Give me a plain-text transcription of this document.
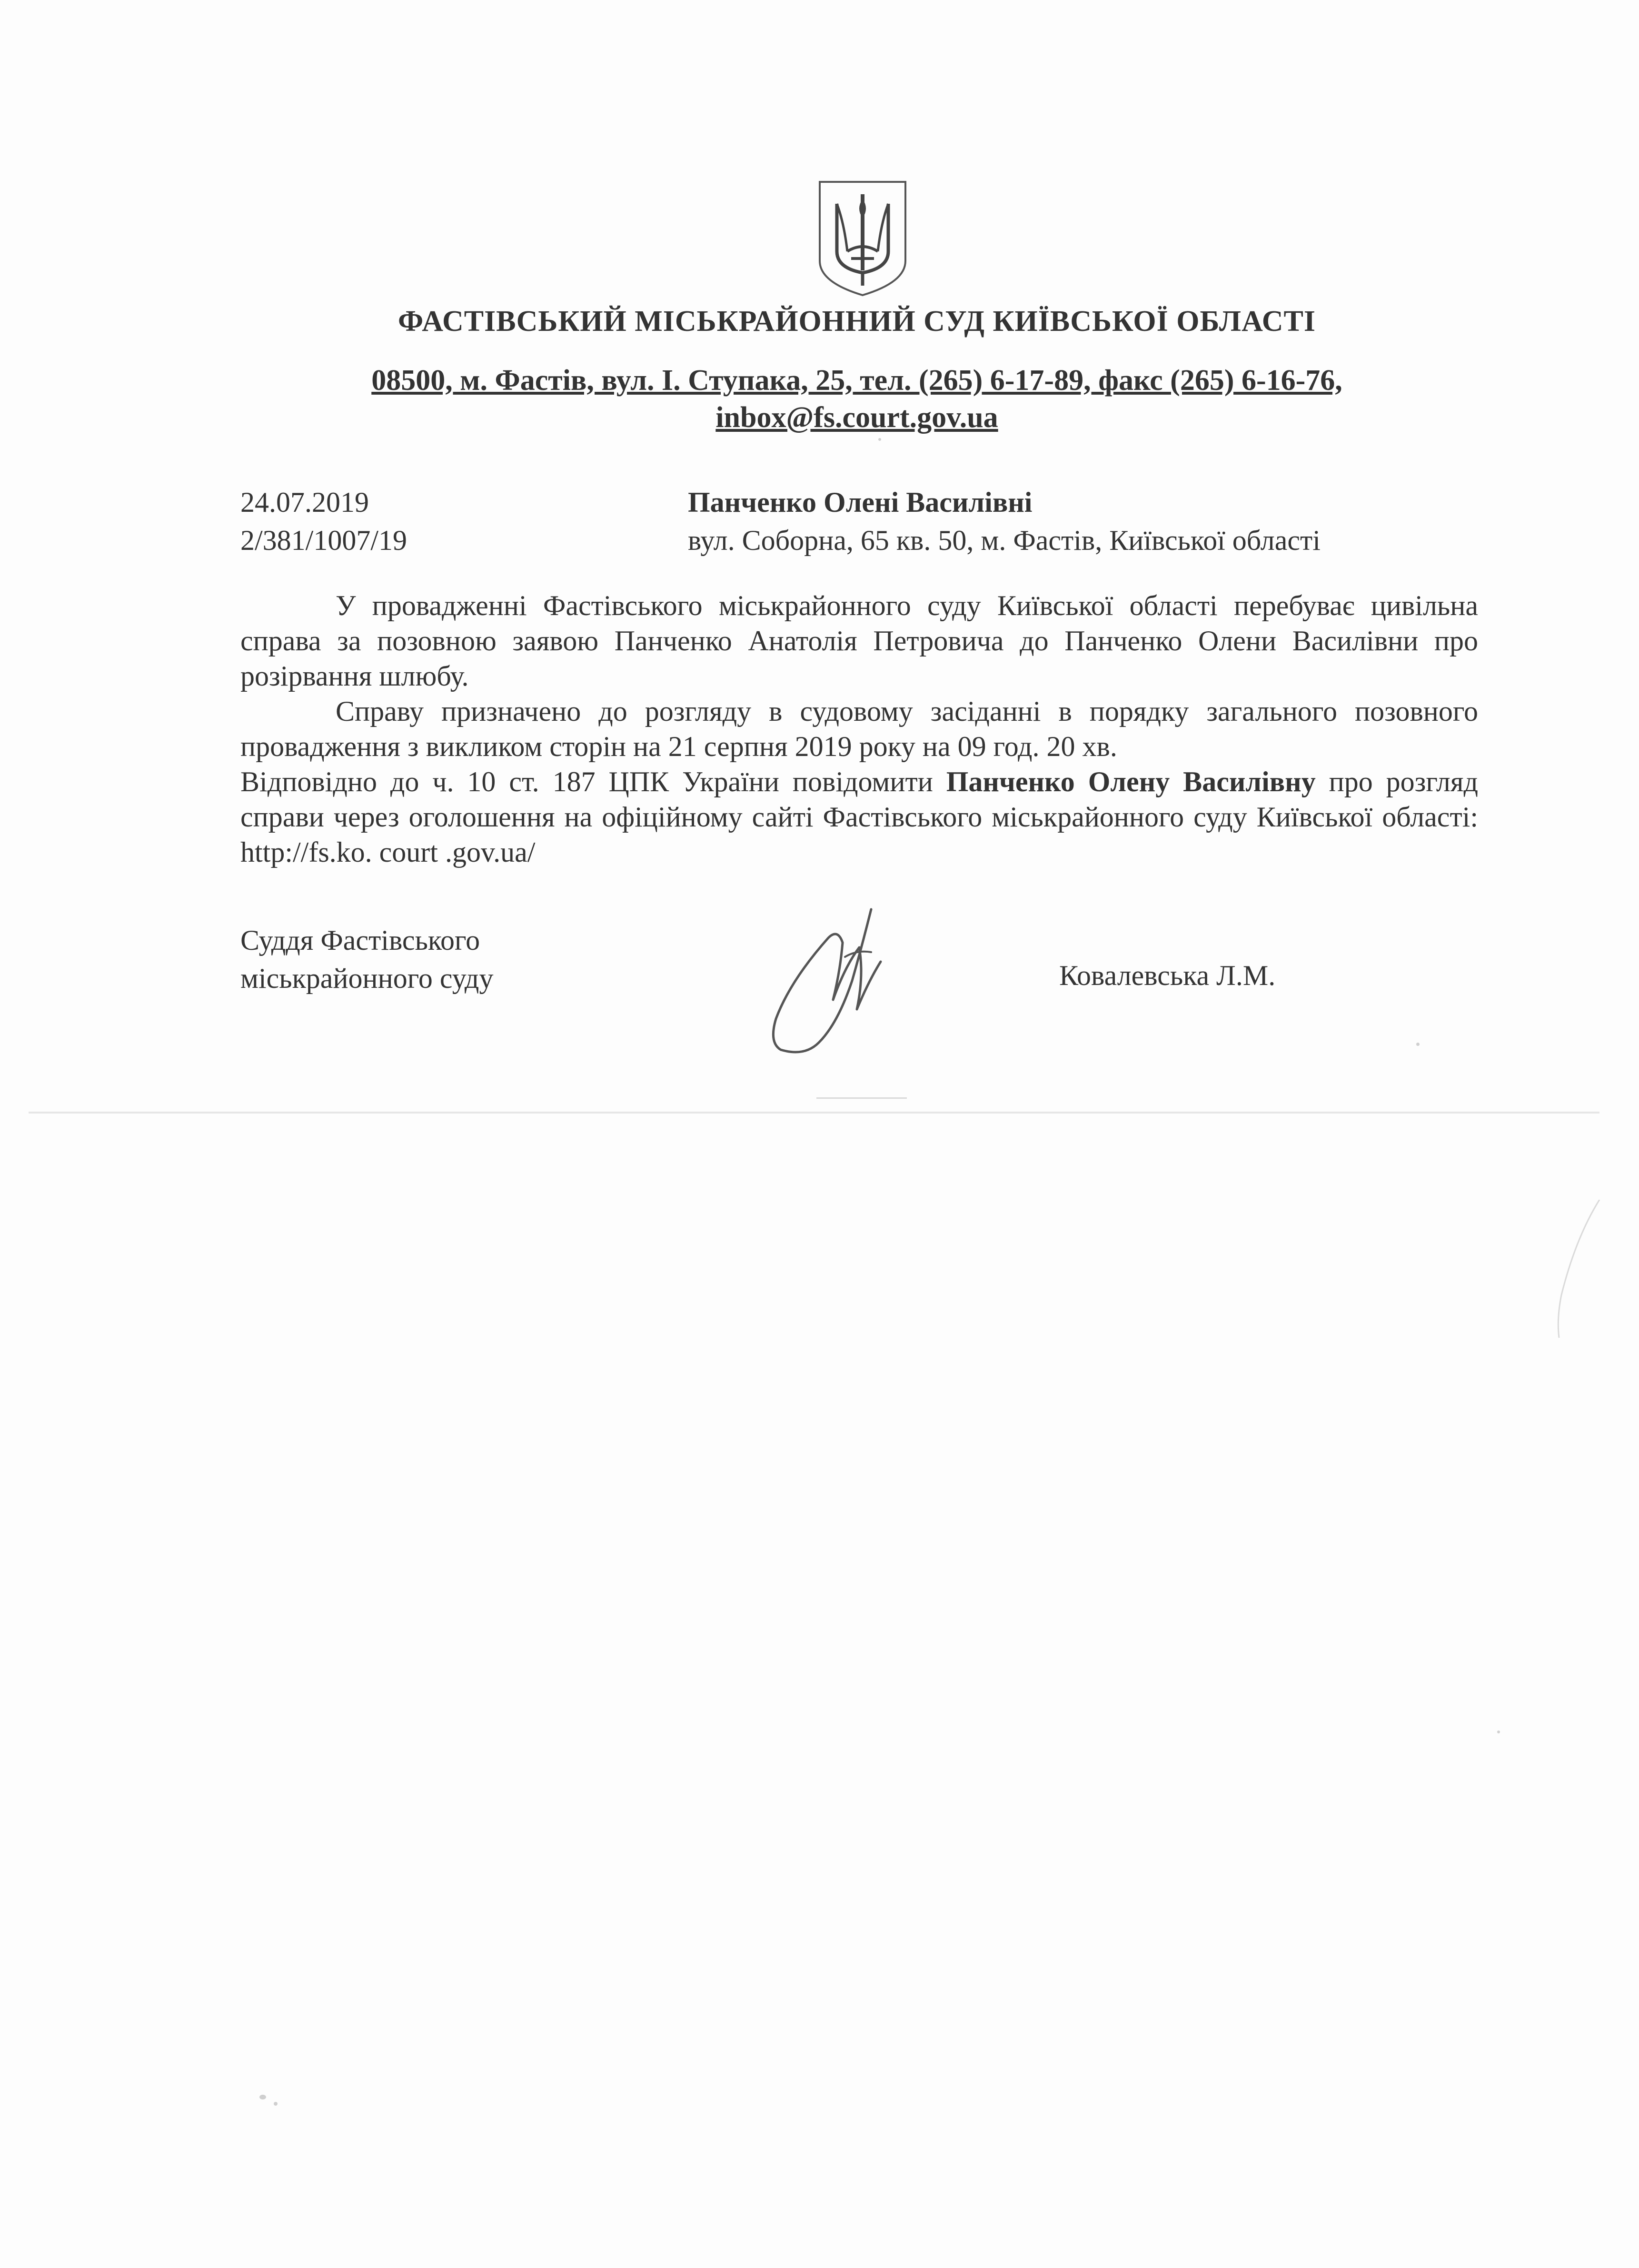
ФАСТІВСЬКИЙ МІСЬКРАЙОННИЙ СУД КИЇВСЬКОЇ ОБЛАСТІ
08500, м. Фастів, вул. І. Ступака, 25, тел. (265) 6-17-89, факс (265) 6-16-76,
inbox@fs.court.gov.ua
24.07.2019
2/381/1007/19
Панченко Олені Василівні
вул. Соборна, 65 кв. 50, м. Фастів, Київської області

У провадженні Фастівського міськрайонного суду Київської області перебуває цивільна справа за позовною заявою Панченко Анатолія Петровича до Панченко Олени Василівни про розірвання шлюбу.

Справу призначено до розгляду в судовому засіданні в порядку загального позовного провадження з викликом сторін на 21 серпня 2019 року на 09 год. 20 хв.

Відповідно до ч. 10 ст. 187 ЦПК України повідомити Панченко Олену Василівну про розгляд справи через оголошення на офіційному сайті Фастівського міськрайонного суду Київської області: http://fs.ko. court .gov.ua/

Суддя Фастівського
міськрайонного суду	Ковалевська Л.М.
